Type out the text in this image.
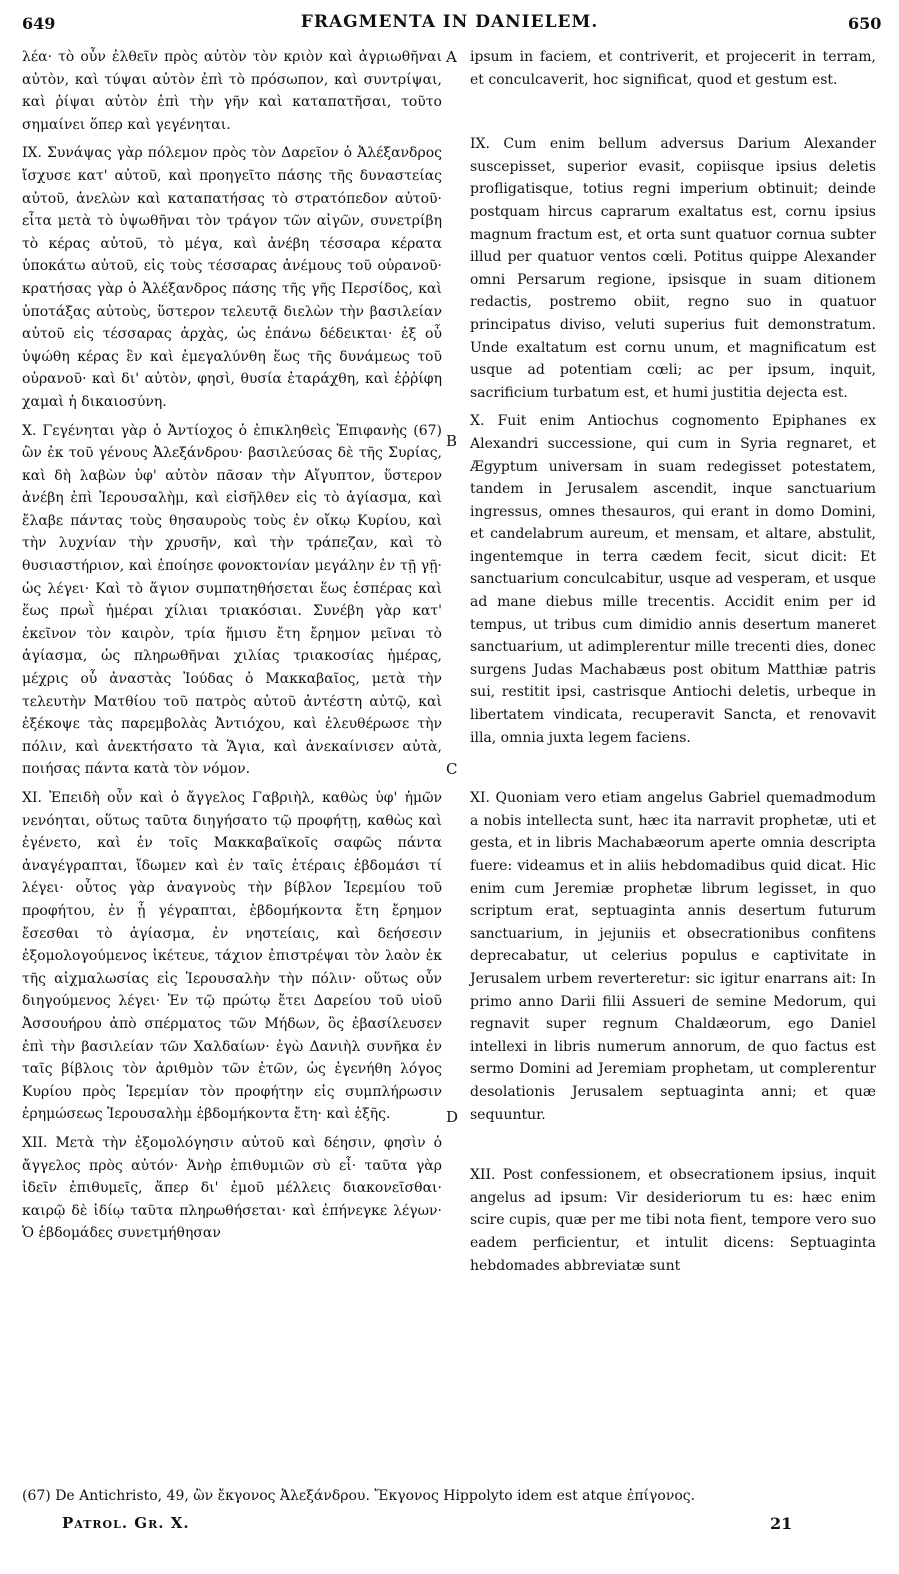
649	FRAGMENTA IN DANIELEM.	650

λέα· τὸ οὖν ἐλθεῖν πρὸς αὐτὸν τὸν κριὸν καὶ ἀγριωθῆναι αὐτὸν, καὶ τύψαι αὐτὸν ἐπὶ τὸ πρόσωπον, καὶ συντρίψαι, καὶ ῥίψαι αὐτὸν ἐπὶ τὴν γῆν καὶ καταπατῆσαι, τοῦτο σημαίνει ὅπερ καὶ γεγένηται.

IX. Συνάψας γὰρ πόλεμον πρὸς τὸν Δαρεῖον ὁ Ἀλέξανδρος ἴσχυσε κατ' αὐτοῦ, καὶ προηγεῖτο πάσης τῆς δυναστείας αὐτοῦ, ἀνελὼν καὶ καταπατήσας τὸ στρατόπεδον αὐτοῦ· εἶτα μετὰ τὸ ὑψωθῆναι τὸν τράγον τῶν αἰγῶν, συνετρίβη τὸ κέρας αὐτοῦ, τὸ μέγα, καὶ ἀνέβη τέσσαρα κέρατα ὑποκάτω αὐτοῦ, εἰς τοὺς τέσσαρας ἀνέμους τοῦ οὐρανοῦ· κρατήσας γὰρ ὁ Ἀλέξανδρος πάσης τῆς γῆς Περσίδος, καὶ ὑποτάξας αὐτοὺς, ὕστερον τελευτᾷ διελὼν τὴν βασιλείαν αὐτοῦ εἰς τέσσαρας ἀρχὰς, ὡς ἐπάνω δέδεικται· ἐξ οὗ ὑψώθη κέρας ἓν καὶ ἐμεγαλύνθη ἕως τῆς δυνάμεως τοῦ οὐρανοῦ· καὶ δι' αὐτὸν, φησὶ, θυσία ἐταράχθη, καὶ ἐῤῥίφη χαμαὶ ἡ δικαιοσύνη.

X. Γεγένηται γὰρ ὁ Ἀντίοχος ὁ ἐπικληθεὶς Ἐπιφανὴς (67) ὢν ἐκ τοῦ γένους Ἀλεξάνδρου· βασιλεύσας δὲ τῆς Συρίας, καὶ δὴ λαβὼν ὑφ' αὐτὸν πᾶσαν τὴν Αἴγυπτον, ὕστερον ἀνέβη ἐπὶ Ἱερουσαλὴμ, καὶ εἰσῆλθεν εἰς τὸ ἁγίασμα, καὶ ἔλαβε πάντας τοὺς θησαυροὺς τοὺς ἐν οἴκῳ Κυρίου, καὶ τὴν λυχνίαν τὴν χρυσῆν, καὶ τὴν τράπεζαν, καὶ τὸ θυσιαστήριον, καὶ ἐποίησε φονοκτονίαν μεγάλην ἐν τῇ γῇ· ὡς λέγει· Καὶ τὸ ἅγιον συμπατηθήσεται ἕως ἑσπέρας καὶ ἕως πρωῒ ἡμέραι χίλιαι τριακόσιαι. Συνέβη γὰρ κατ' ἐκεῖνον τὸν καιρὸν, τρία ἥμισυ ἔτη ἔρημον μεῖναι τὸ ἁγίασμα, ὡς πληρωθῆναι χιλίας τριακοσίας ἡμέρας, μέχρις οὗ ἀναστὰς Ἰούδας ὁ Μακκαβαῖος, μετὰ τὴν τελευτὴν Ματθίου τοῦ πατρὸς αὐτοῦ ἀντέστη αὐτῷ, καὶ ἐξέκοψε τὰς παρεμβολὰς Ἀντιόχου, καὶ ἐλευθέρωσε τὴν πόλιν, καὶ ἀνεκτήσατο τὰ Ἅγια, καὶ ἀνεκαίνισεν αὐτὰ, ποιήσας πάντα κατὰ τὸν νόμον.

XI. Ἐπειδὴ οὖν καὶ ὁ ἄγγελος Γαβριὴλ, καθὼς ὑφ' ἡμῶν νενόηται, οὕτως ταῦτα διηγήσατο τῷ προφήτῃ, καθὼς καὶ ἐγένετο, καὶ ἐν τοῖς Μακκαβαϊκοῖς σαφῶς πάντα ἀναγέγραπται, ἴδωμεν καὶ ἐν ταῖς ἑτέραις ἑβδομάσι τί λέγει· οὗτος γὰρ ἀναγνοὺς τὴν βίβλον Ἱερεμίου τοῦ προφήτου, ἐν ᾗ γέγραπται, ἑβδομήκοντα ἔτη ἔρημον ἔσεσθαι τὸ ἁγίασμα, ἐν νηστείαις, καὶ δεήσεσιν ἐξομολογούμενος ἱκέτευε, τάχιον ἐπιστρέψαι τὸν λαὸν ἐκ τῆς αἰχμαλωσίας εἰς Ἱερουσαλὴν τὴν πόλιν· οὕτως οὖν διηγούμενος λέγει· Ἐν τῷ πρώτῳ ἔτει Δαρείου τοῦ υἱοῦ Ἀσσουήρου ἀπὸ σπέρματος τῶν Μήδων, ὃς ἐβασίλευσεν ἐπὶ τὴν βασιλείαν τῶν Χαλδαίων· ἐγὼ Δανιὴλ συνῆκα ἐν ταῖς βίβλοις τὸν ἀριθμὸν τῶν ἐτῶν, ὡς ἐγενήθη λόγος Κυρίου πρὸς Ἱερεμίαν τὸν προφήτην εἰς συμπλήρωσιν ἐρημώσεως Ἱερουσαλὴμ ἑβδομήκοντα ἔτη· καὶ ἑξῆς.

XII. Μετὰ τὴν ἐξομολόγησιν αὐτοῦ καὶ δέησιν, φησὶν ὁ ἄγγελος πρὸς αὐτόν· Ἀνὴρ ἐπιθυμιῶν σὺ εἶ· ταῦτα γὰρ ἰδεῖν ἐπιθυμεῖς, ἅπερ δι' ἐμοῦ μέλλεις διακονεῖσθαι· καιρῷ δὲ ἰδίῳ ταῦτα πληρωθήσεται· καὶ ἐπήνεγκε λέγων· Ὁ ἑβδομάδες συνετμήθησαν

A
B
C
D

ipsum in faciem, et contriverit, et projecerit in terram, et conculcaverit, hoc significat, quod et gestum est.

IX. Cum enim bellum adversus Darium Alexander suscepisset, superior evasit, copiisque ipsius deletis profligatisque, totius regni imperium obtinuit; deinde postquam hircus caprarum exaltatus est, cornu ipsius magnum fractum est, et orta sunt quatuor cornua subter illud per quatuor ventos cœli. Potitus quippe Alexander omni Persarum regione, ipsisque in suam ditionem redactis, postremo obiit, regno suo in quatuor principatus diviso, veluti superius fuit demonstratum. Unde exaltatum est cornu unum, et magnificatum est usque ad potentiam cœli; ac per ipsum, inquit, sacrificium turbatum est, et humi justitia dejecta est.

X. Fuit enim Antiochus cognomento Epiphanes ex Alexandri successione, qui cum in Syria regnaret, et Ægyptum universam in suam redegisset potestatem, tandem in Jerusalem ascendit, inque sanctuarium ingressus, omnes thesauros, qui erant in domo Domini, et candelabrum aureum, et mensam, et altare, abstulit, ingentemque in terra cædem fecit, sicut dicit: Et sanctuarium conculcabitur, usque ad vesperam, et usque ad mane diebus mille trecentis. Accidit enim per id tempus, ut tribus cum dimidio annis desertum maneret sanctuarium, ut adimplerentur mille trecenti dies, donec surgens Judas Machabæus post obitum Matthiæ patris sui, restitit ipsi, castrisque Antiochi deletis, urbeque in libertatem vindicata, recuperavit Sancta, et renovavit illa, omnia juxta legem faciens.

XI. Quoniam vero etiam angelus Gabriel quemadmodum a nobis intellecta sunt, hæc ita narravit prophetæ, uti et gesta, et in libris Machabæorum aperte omnia descripta fuere: videamus et in aliis hebdomadibus quid dicat. Hic enim cum Jeremiæ prophetæ librum legisset, in quo scriptum erat, septuaginta annis desertum futurum sanctuarium, in jejuniis et obsecrationibus confitens deprecabatur, ut celerius populus e captivitate in Jerusalem urbem reverteretur: sic igitur enarrans ait: In primo anno Darii filii Assueri de semine Medorum, qui regnavit super regnum Chaldæorum, ego Daniel intellexi in libris numerum annorum, de quo factus est sermo Domini ad Jeremiam prophetam, ut complerentur desolationis Jerusalem septuaginta anni; et quæ sequuntur.

XII. Post confessionem, et obsecrationem ipsius, inquit angelus ad ipsum: Vir desideriorum tu es: hæc enim scire cupis, quæ per me tibi nota fient, tempore vero suo eadem perficientur, et intulit dicens: Septuaginta hebdomades abbreviatæ sunt

(67) De Antichristo, 49, ὢν ἔκγονος Ἀλεξάνδρου. Ἔκγονος Hippolyto idem est atque ἐπίγονος.
Patrol. Gr. X.	21
